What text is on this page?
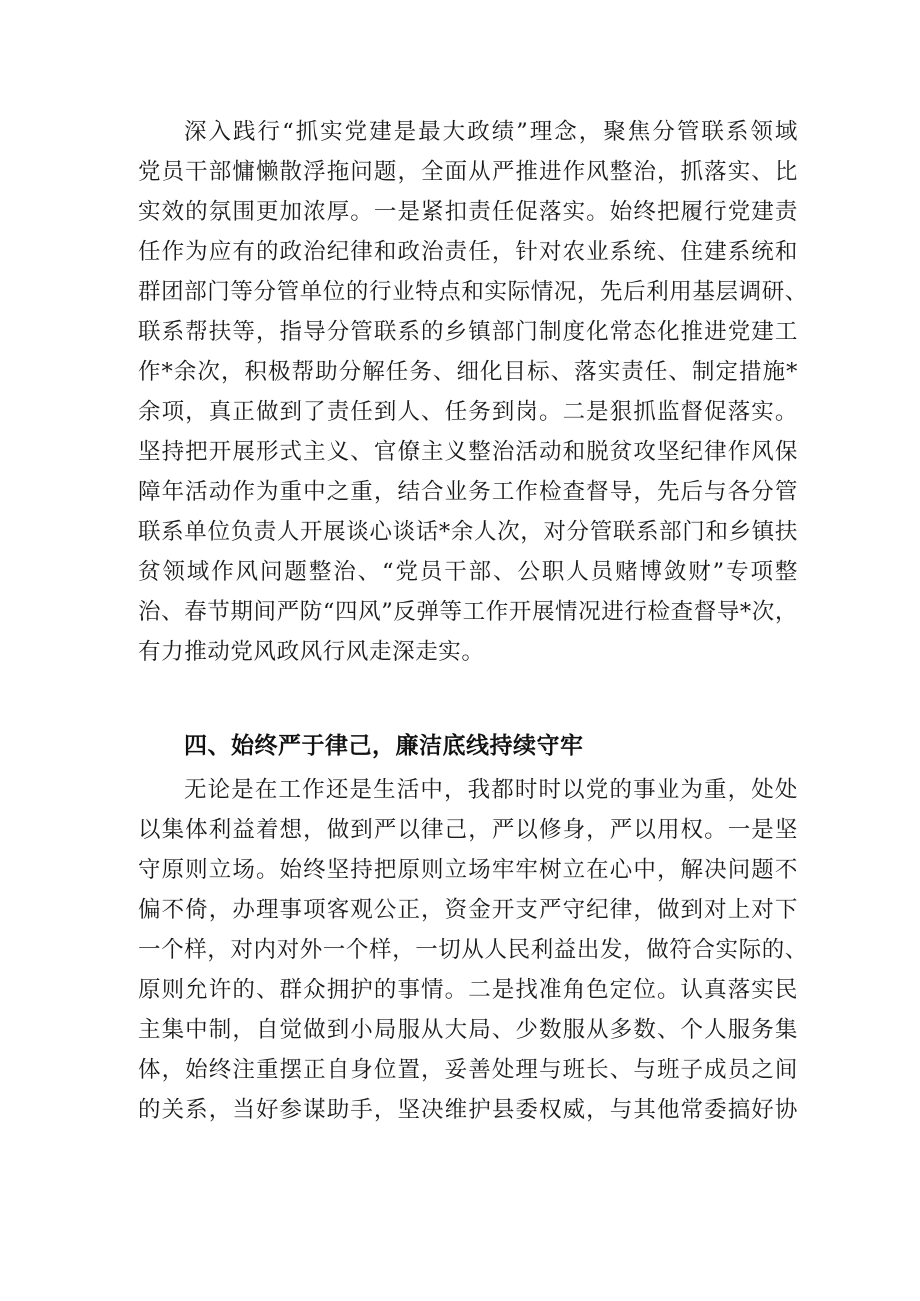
深入践行“抓实党建是最大政绩”理念，聚焦分管联系领域
党员干部慵懒散浮拖问题，全面从严推进作风整治，抓落实、比
实效的氛围更加浓厚。一是紧扣责任促落实。始终把履行党建责
任作为应有的政治纪律和政治责任，针对农业系统、住建系统和
群团部门等分管单位的行业特点和实际情况，先后利用基层调研、
联系帮扶等，指导分管联系的乡镇部门制度化常态化推进党建工
作*余次，积极帮助分解任务、细化目标、落实责任、制定措施*
余项，真正做到了责任到人、任务到岗。二是狠抓监督促落实。
坚持把开展形式主义、官僚主义整治活动和脱贫攻坚纪律作风保
障年活动作为重中之重，结合业务工作检查督导，先后与各分管
联系单位负责人开展谈心谈话*余人次，对分管联系部门和乡镇扶
贫领域作风问题整治、“党员干部、公职人员赌博敛财”专项整
治、春节期间严防“四风”反弹等工作开展情况进行检查督导*次，
有力推动党风政风行风走深走实。
四、始终严于律己，廉洁底线持续守牢
无论是在工作还是生活中，我都时时以党的事业为重，处处
以集体利益着想，做到严以律己，严以修身，严以用权。一是坚
守原则立场。始终坚持把原则立场牢牢树立在心中，解决问题不
偏不倚，办理事项客观公正，资金开支严守纪律，做到对上对下
一个样，对内对外一个样，一切从人民利益出发，做符合实际的、
原则允许的、群众拥护的事情。二是找准角色定位。认真落实民
主集中制，自觉做到小局服从大局、少数服从多数、个人服务集
体，始终注重摆正自身位置，妥善处理与班长、与班子成员之间
的关系，当好参谋助手，坚决维护县委权威，与其他常委搞好协
